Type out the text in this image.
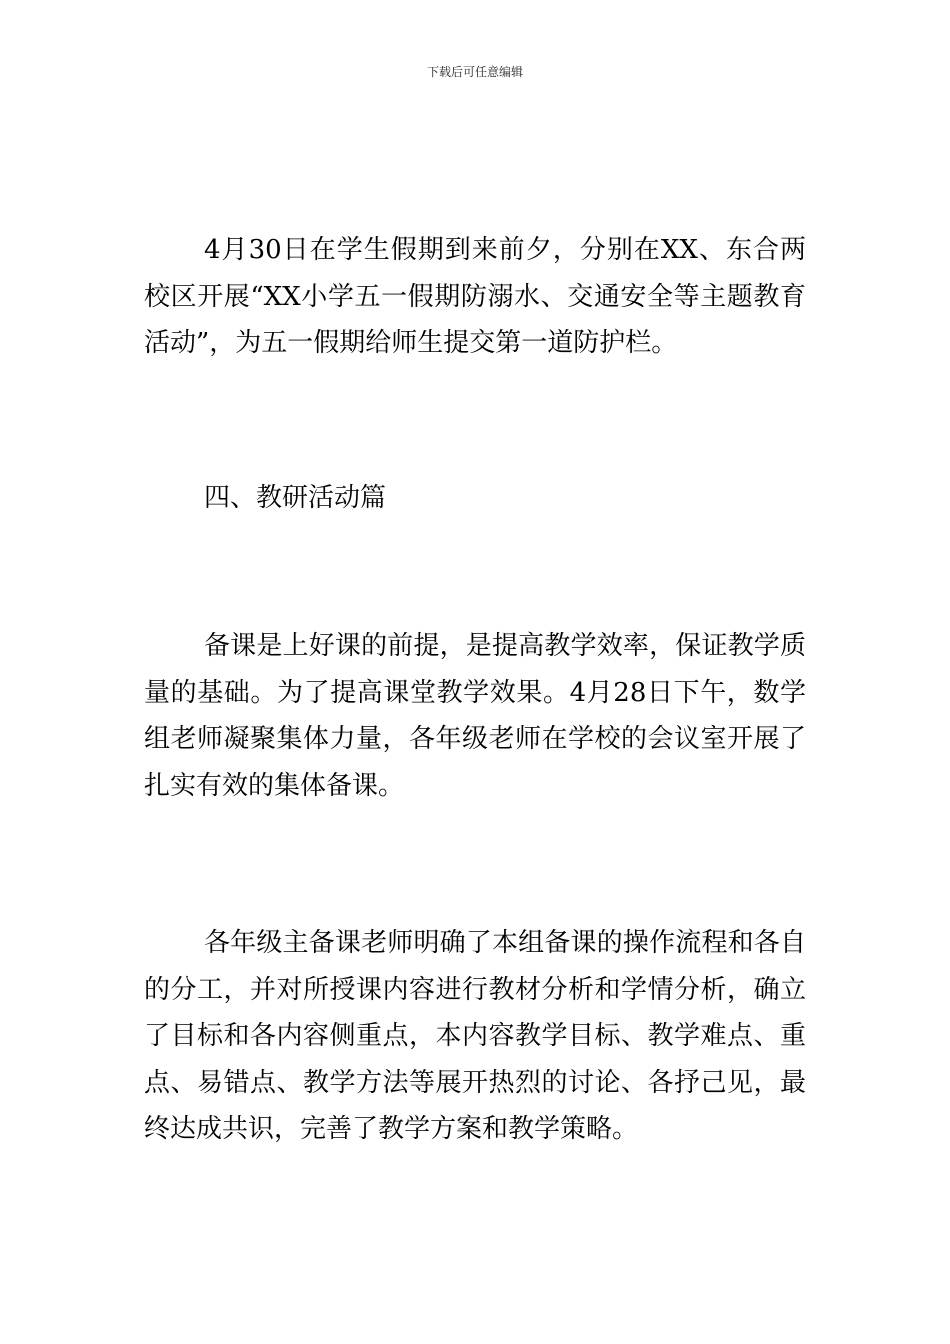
下载后可任意编辑

4月30日在学生假期到来前夕，分别在XX、东合两校区开展“XX小学五一假期防溺水、交通安全等主题教育活动”，为五一假期给师生提交第一道防护栏。

四、教研活动篇

备课是上好课的前提，是提高教学效率，保证教学质量的基础。为了提高课堂教学效果。4月28日下午，数学组老师凝聚集体力量，各年级老师在学校的会议室开展了扎实有效的集体备课。

各年级主备课老师明确了本组备课的操作流程和各自的分工，并对所授课内容进行教材分析和学情分析，确立了目标和各内容侧重点，本内容教学目标、教学难点、重点、易错点、教学方法等展开热烈的讨论、各抒己见，最终达成共识，完善了教学方案和教学策略。
